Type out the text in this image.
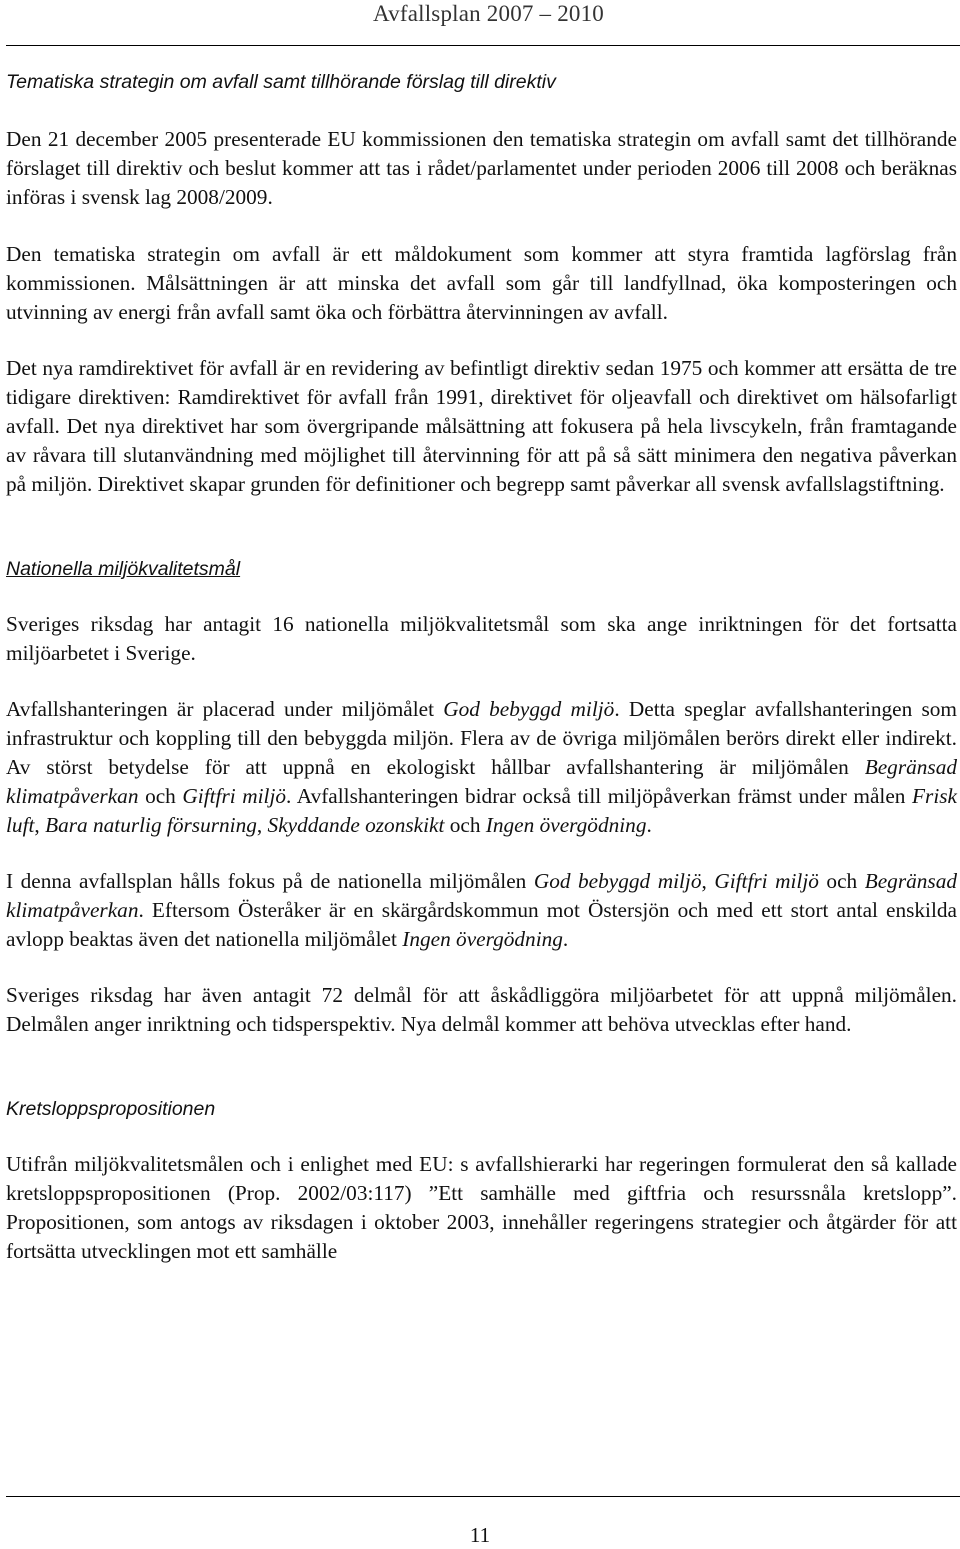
Avfallsplan 2007 – 2010
Tematiska strategin om avfall samt tillhörande förslag till direktiv

Den 21 december 2005 presenterade EU kommissionen den tematiska strategin om avfall samt det tillhörande förslaget till direktiv och beslut kommer att tas i rådet/parlamentet under perioden 2006 till 2008 och beräknas införas i svensk lag 2008/2009.

Den tematiska strategin om avfall är ett måldokument som kommer att styra framtida lagförslag från kommissionen. Målsättningen är att minska det avfall som går till landfyllnad, öka komposteringen och utvinning av energi från avfall samt öka och förbättra återvinningen av avfall.

Det nya ramdirektivet för avfall är en revidering av befintligt direktiv sedan 1975 och kommer att ersätta de tre tidigare direktiven: Ramdirektivet för avfall från 1991, direktivet för oljeavfall och direktivet om hälsofarligt avfall. Det nya direktivet har som övergripande målsättning att fokusera på hela livscykeln, från framtagande av råvara till slutanvändning med möjlighet till återvinning för att på så sätt minimera den negativa påverkan på miljön. Direktivet skapar grunden för definitioner och begrepp samt påverkar all svensk avfallslagstiftning.

Nationella miljökvalitetsmål

Sveriges riksdag har antagit 16 nationella miljökvalitetsmål som ska ange inriktningen för det fortsatta miljöarbetet i Sverige.

Avfallshanteringen är placerad under miljömålet God bebyggd miljö. Detta speglar avfallshanteringen som infrastruktur och koppling till den bebyggda miljön. Flera av de övriga miljömålen berörs direkt eller indirekt. Av störst betydelse för att uppnå en ekologiskt hållbar avfallshantering är miljömålen Begränsad klimatpåverkan och Giftfri miljö. Avfallshanteringen bidrar också till miljöpåverkan främst under målen Frisk luft, Bara naturlig försurning, Skyddande ozonskikt och Ingen övergödning.

I denna avfallsplan hålls fokus på de nationella miljömålen God bebyggd miljö, Giftfri miljö och Begränsad klimatpåverkan. Eftersom Österåker är en skärgårdskommun mot Östersjön och med ett stort antal enskilda avlopp beaktas även det nationella miljömålet Ingen övergödning.

Sveriges riksdag har även antagit 72 delmål för att åskådliggöra miljöarbetet för att uppnå miljömålen. Delmålen anger inriktning och tidsperspektiv. Nya delmål kommer att behöva utvecklas efter hand.

Kretsloppspropositionen

Utifrån miljökvalitetsmålen och i enlighet med EU: s avfallshierarki har regeringen formulerat den så kallade kretsloppspropositionen (Prop. 2002/03:117) ”Ett samhälle med giftfria och resurssnåla kretslopp”. Propositionen, som antogs av riksdagen i oktober 2003, innehåller regeringens strategier och åtgärder för att fortsätta utvecklingen mot ett samhälle

11
